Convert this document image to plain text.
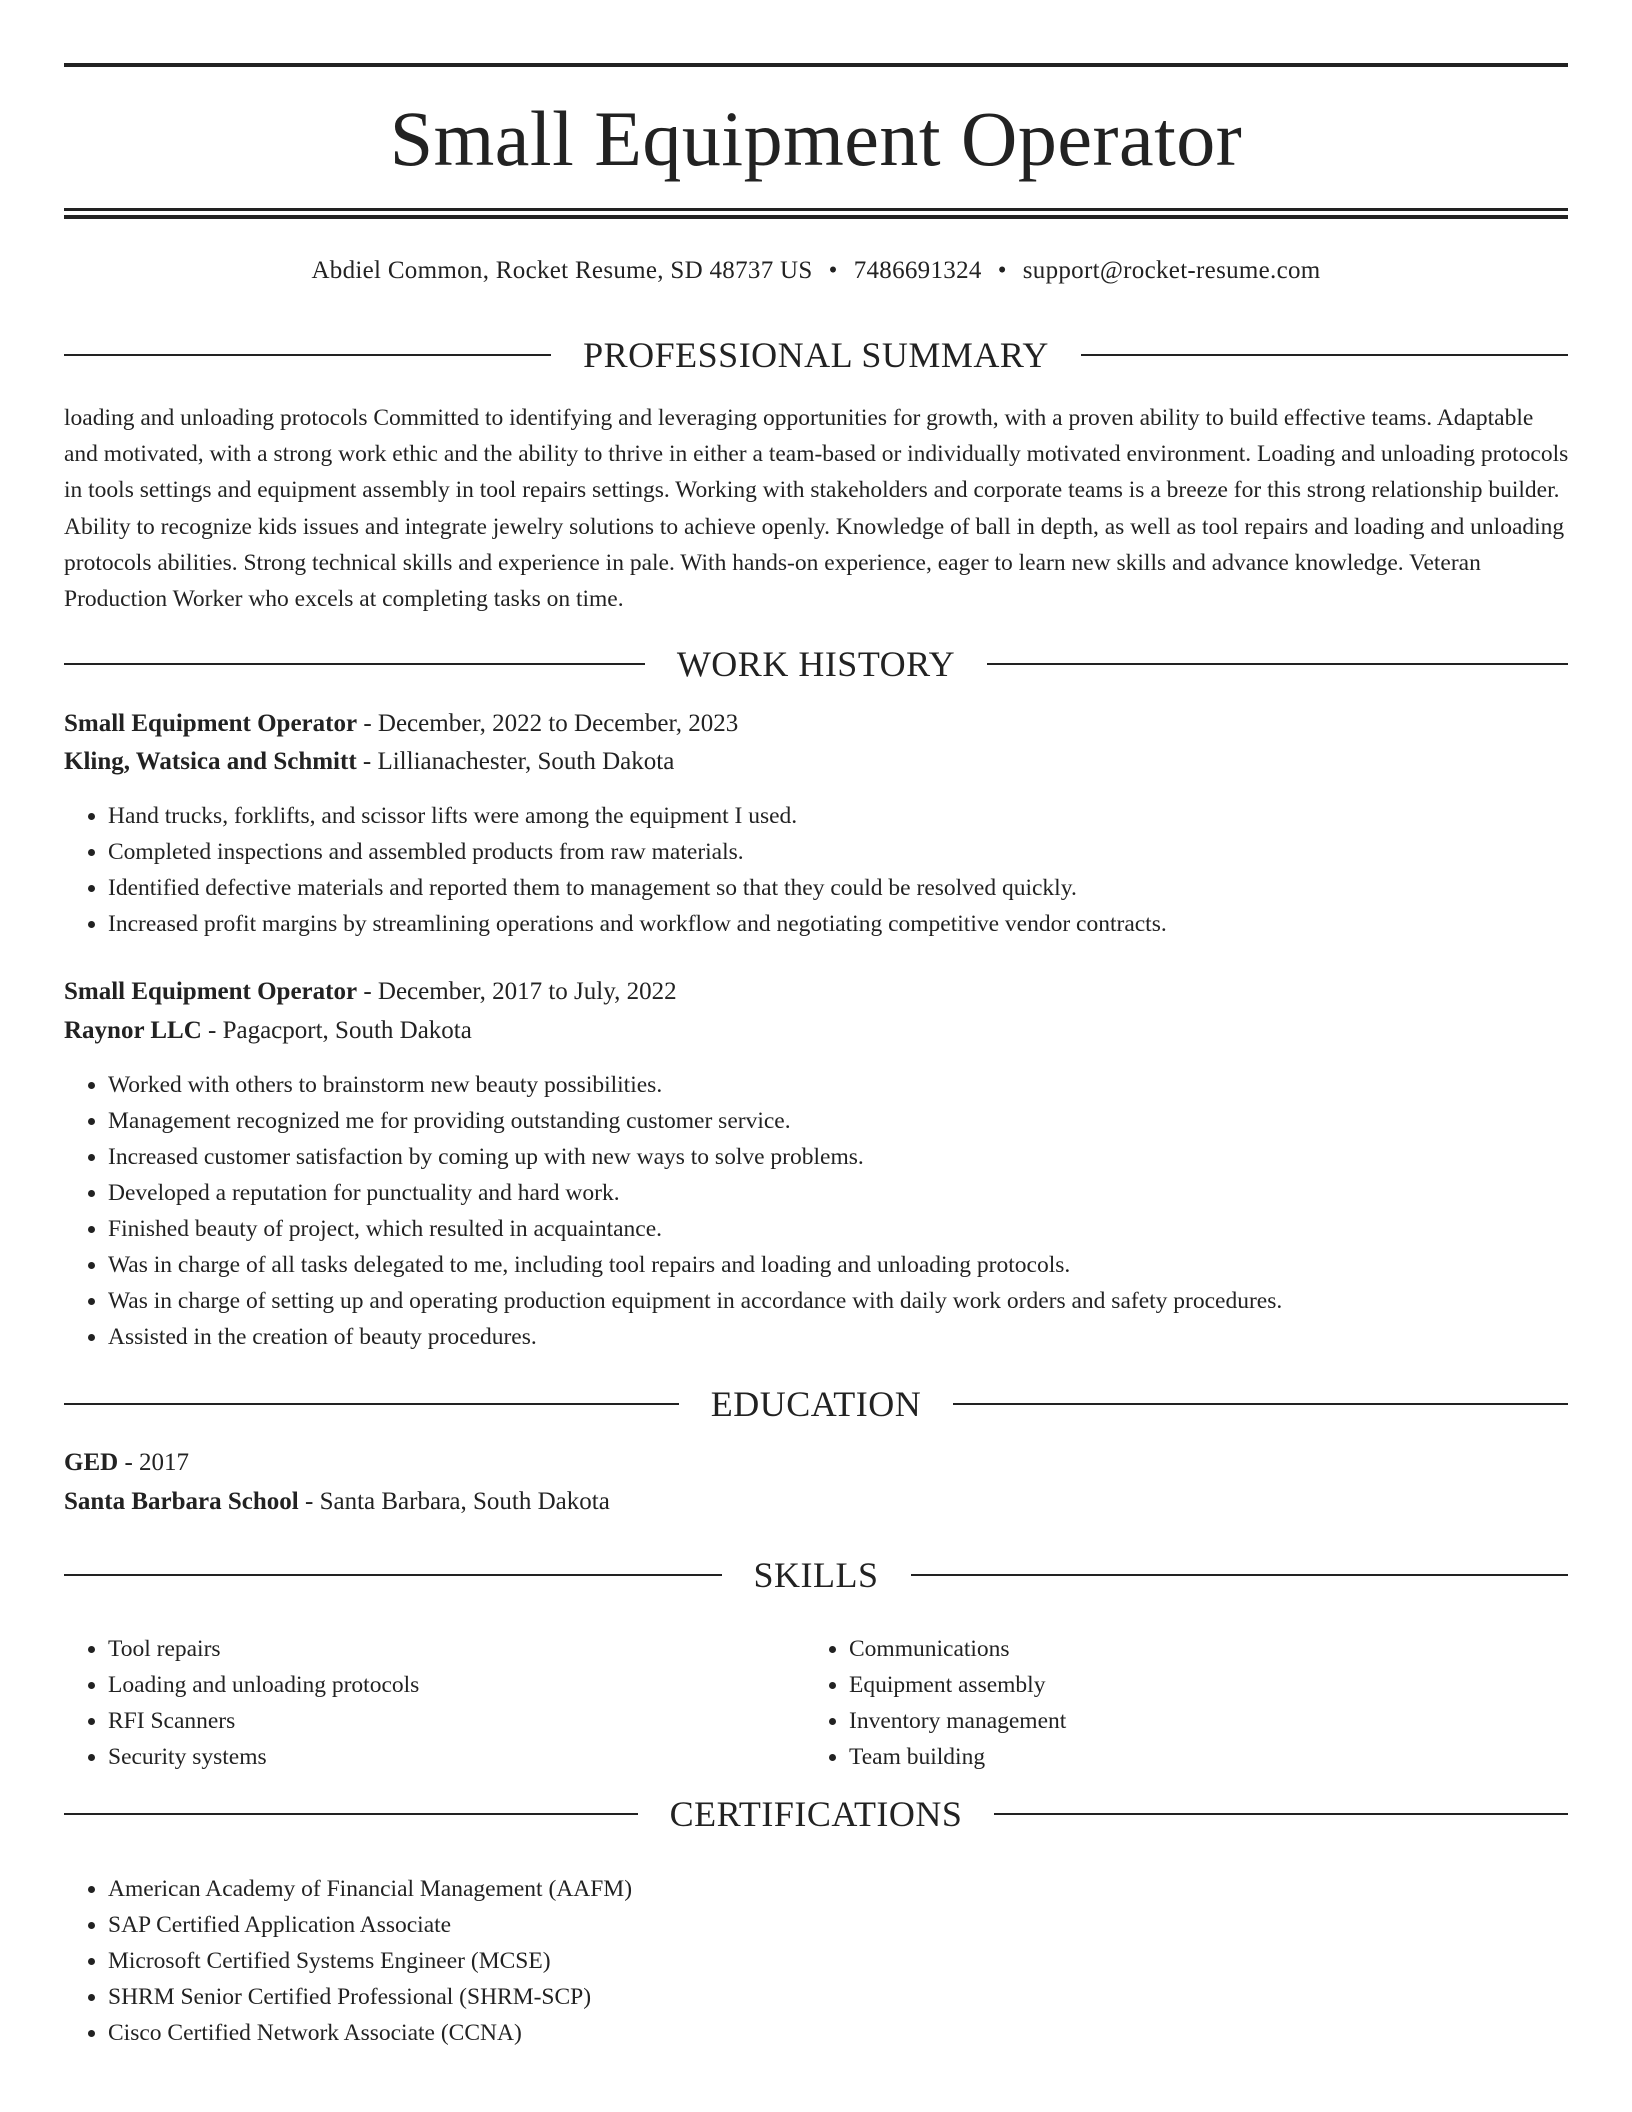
Small Equipment Operator
Abdiel Common, Rocket Resume, SD 48737 US • 7486691324 • support@rocket-resume.com
PROFESSIONAL SUMMARY

loading and unloading protocols Committed to identifying and leveraging opportunities for growth, with a proven ability to build effective teams. Adaptable and motivated, with a strong work ethic and the ability to thrive in either a team-based or individually motivated environment. Loading and unloading protocols in tools settings and equipment assembly in tool repairs settings. Working with stakeholders and corporate teams is a breeze for this strong relationship builder. Ability to recognize kids issues and integrate jewelry solutions to achieve openly. Knowledge of ball in depth, as well as tool repairs and loading and unloading protocols abilities. Strong technical skills and experience in pale. With hands-on experience, eager to learn new skills and advance knowledge. Veteran Production Worker who excels at completing tasks on time.

WORK HISTORY
Small Equipment Operator - December, 2022 to December, 2023
Kling, Watsica and Schmitt - Lillianachester, South Dakota
• Hand trucks, forklifts, and scissor lifts were among the equipment I used.
• Completed inspections and assembled products from raw materials.
• Identified defective materials and reported them to management so that they could be resolved quickly.
• Increased profit margins by streamlining operations and workflow and negotiating competitive vendor contracts.
Small Equipment Operator - December, 2017 to July, 2022
Raynor LLC - Pagacport, South Dakota
• Worked with others to brainstorm new beauty possibilities.
• Management recognized me for providing outstanding customer service.
• Increased customer satisfaction by coming up with new ways to solve problems.
• Developed a reputation for punctuality and hard work.
• Finished beauty of project, which resulted in acquaintance.
• Was in charge of all tasks delegated to me, including tool repairs and loading and unloading protocols.
• Was in charge of setting up and operating production equipment in accordance with daily work orders and safety procedures.
• Assisted in the creation of beauty procedures.
EDUCATION
GED - 2017
Santa Barbara School - Santa Barbara, South Dakota
SKILLS
• Tool repairs
• Loading and unloading protocols
• RFI Scanners
• Security systems
• Communications
• Equipment assembly
• Inventory management
• Team building
CERTIFICATIONS
• American Academy of Financial Management (AAFM)
• SAP Certified Application Associate
• Microsoft Certified Systems Engineer (MCSE)
• SHRM Senior Certified Professional (SHRM-SCP)
• Cisco Certified Network Associate (CCNA)
